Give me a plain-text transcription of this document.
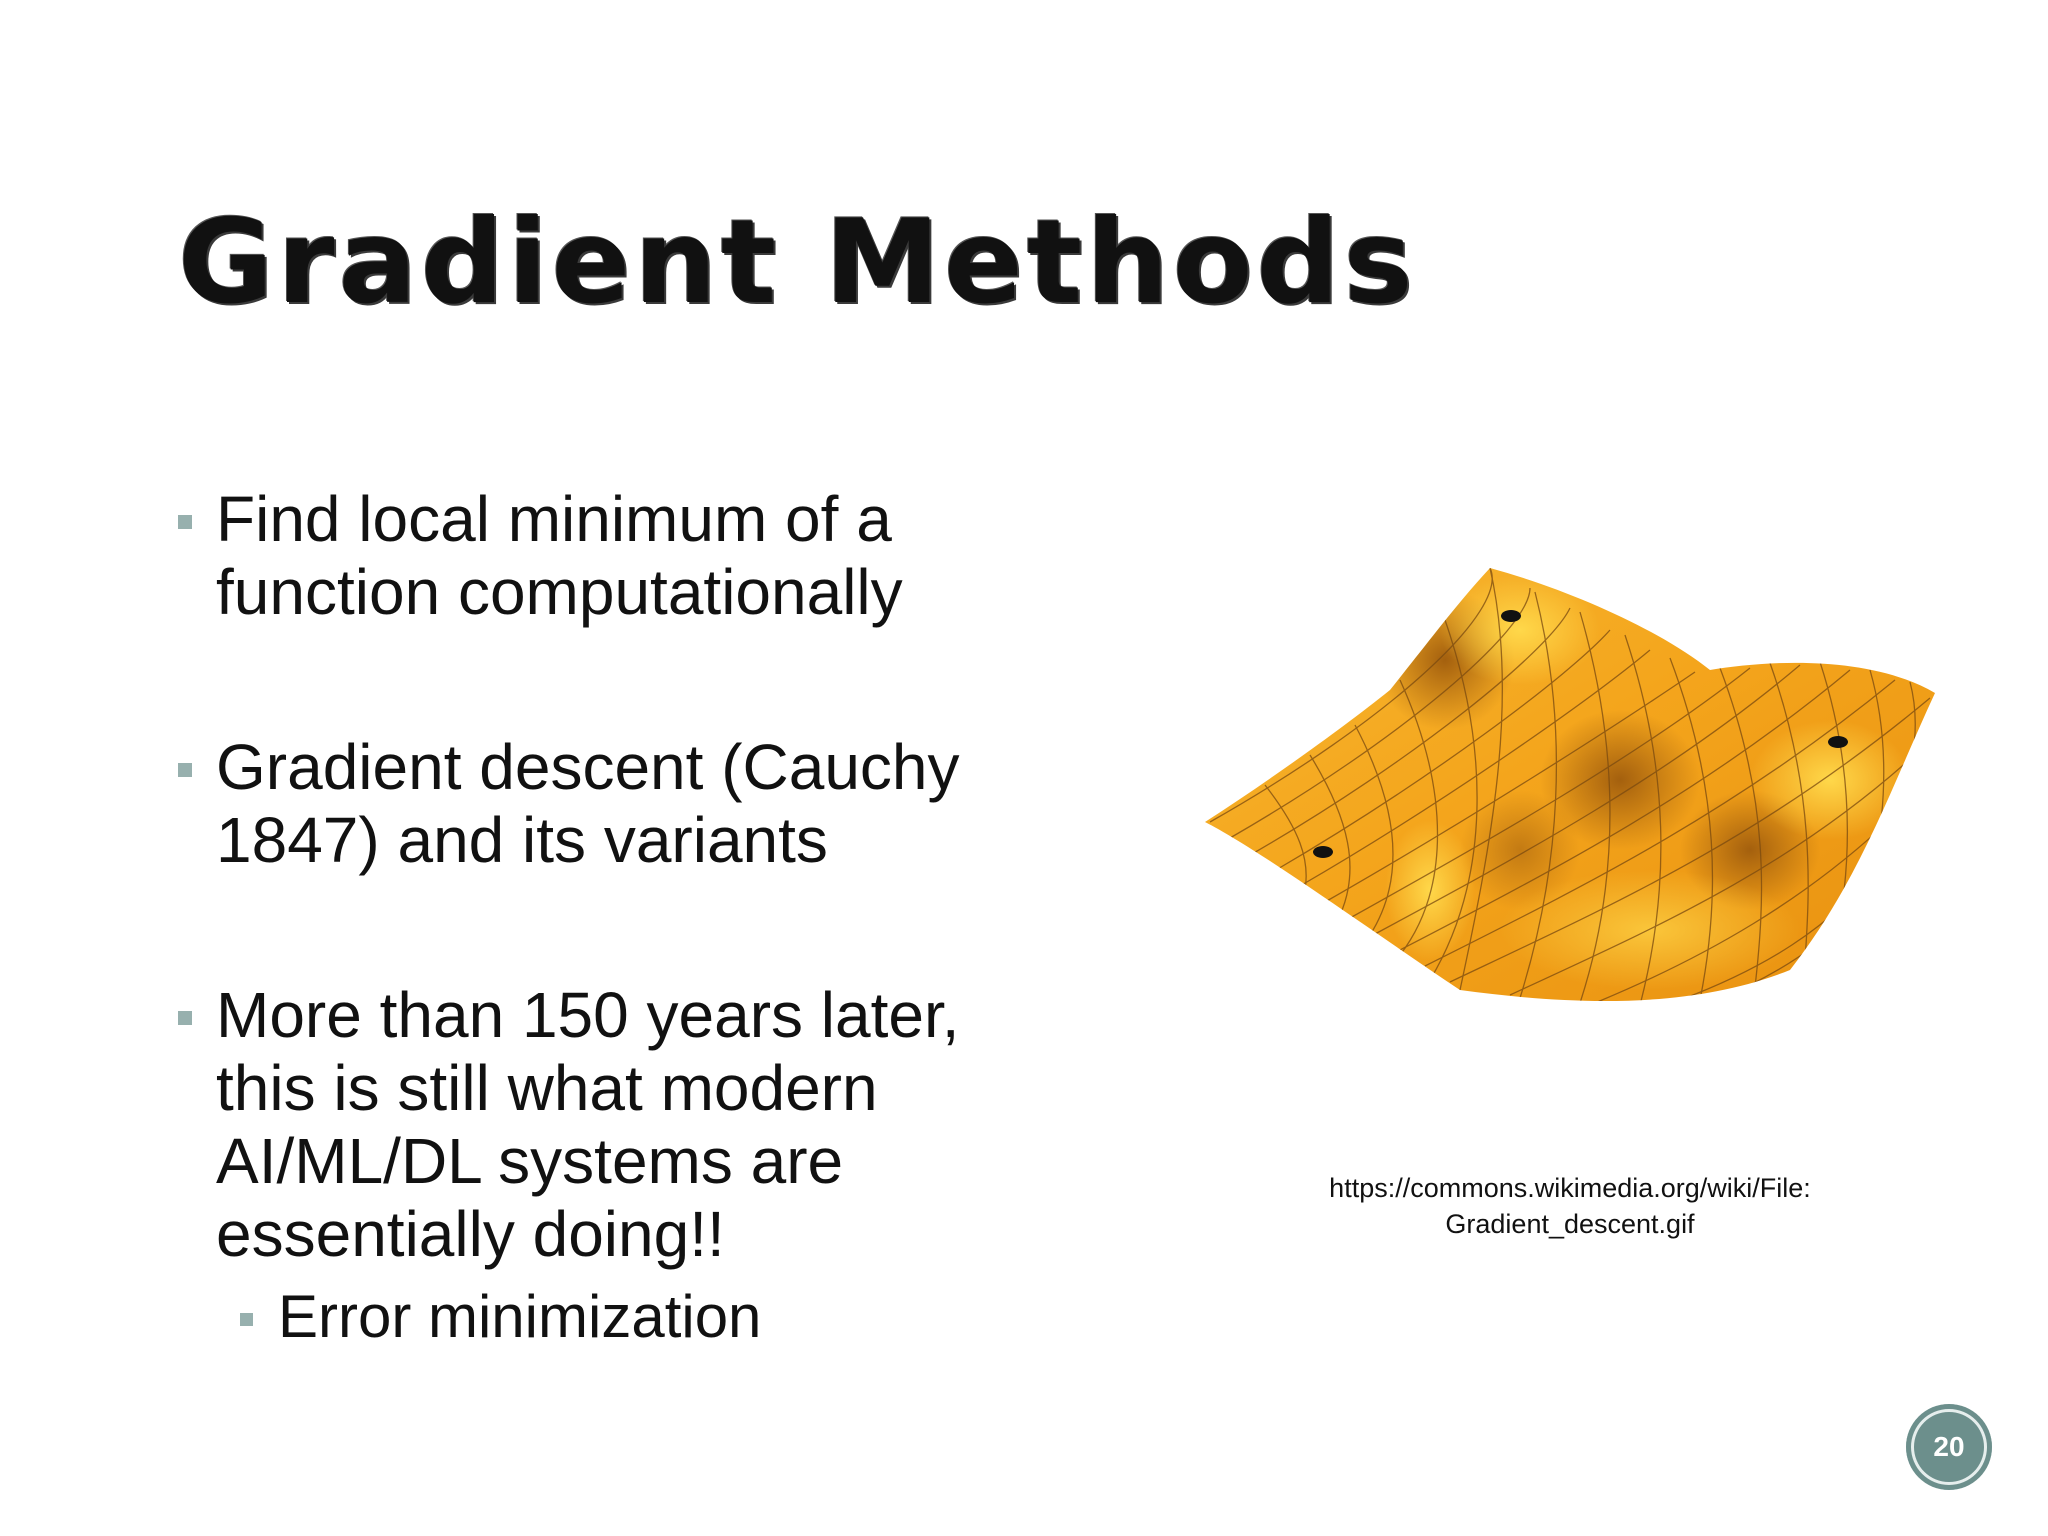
Gradient Methods
Find local minimum of a function computationally
Gradient descent (Cauchy 1847) and its variants
More than 150 years later, this is still what modern AI/ML/DL systems are essentially doing!!
Error minimization
https://commons.wikimedia.org/wiki/File:
Gradient_descent.gif
20
